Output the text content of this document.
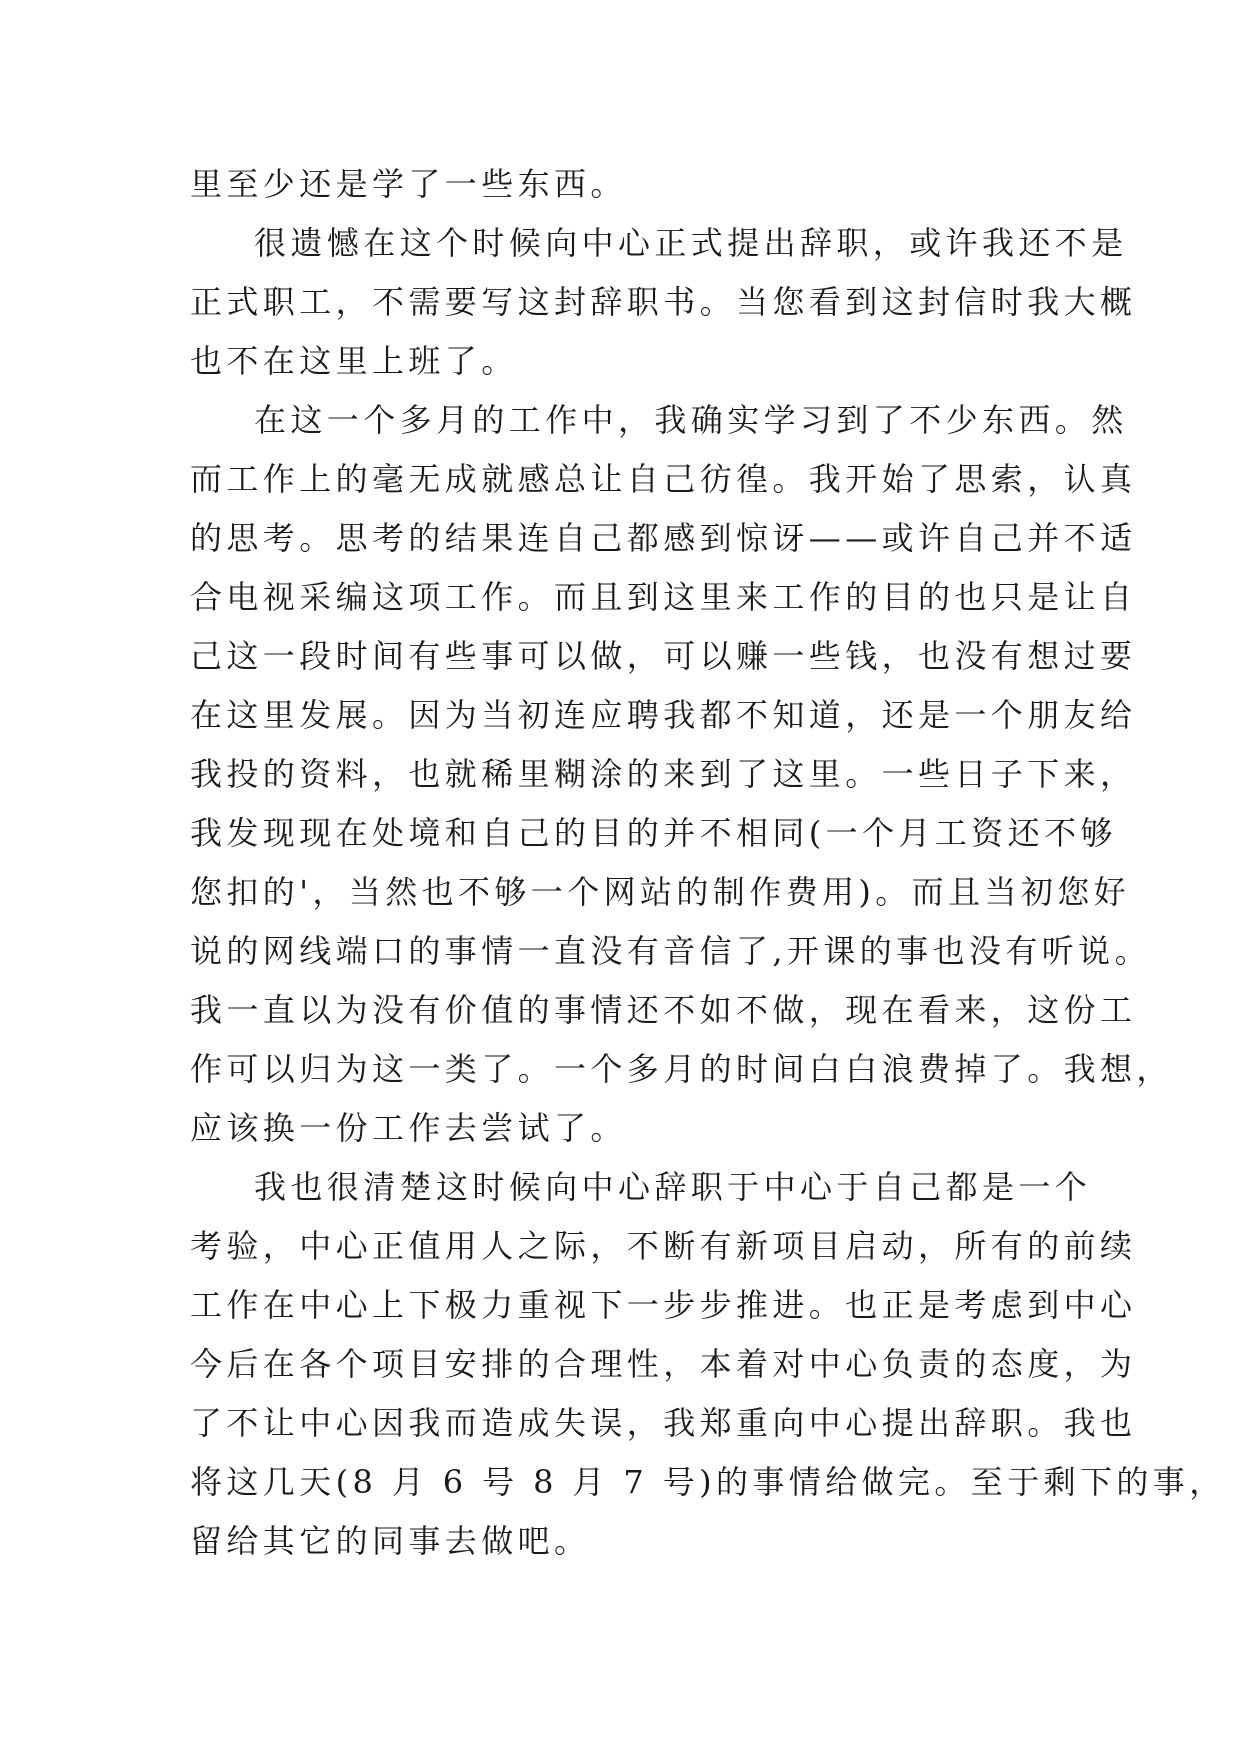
里至少还是学了一些东西。
很遗憾在这个时候向中心正式提出辞职，或许我还不是
正式职工，不需要写这封辞职书。当您看到这封信时我大概
也不在这里上班了。
在这一个多月的工作中，我确实学习到了不少东西。然
而工作上的毫无成就感总让自己彷徨。我开始了思索，认真
的思考。思考的结果连自己都感到惊讶——或许自己并不适
合电视采编这项工作。而且到这里来工作的目的也只是让自
己这一段时间有些事可以做，可以赚一些钱，也没有想过要
在这里发展。因为当初连应聘我都不知道，还是一个朋友给
我投的资料，也就稀里糊涂的来到了这里。一些日子下来，
我发现现在处境和自己的目的并不相同(一个月工资还不够
您扣的'，当然也不够一个网站的制作费用)。而且当初您好
说的网线端口的事情一直没有音信了,开课的事也没有听说。
我一直以为没有价值的事情还不如不做，现在看来，这份工
作可以归为这一类了。一个多月的时间白白浪费掉了。我想，
应该换一份工作去尝试了。
我也很清楚这时候向中心辞职于中心于自己都是一个
考验，中心正值用人之际，不断有新项目启动，所有的前续
工作在中心上下极力重视下一步步推进。也正是考虑到中心
今后在各个项目安排的合理性，本着对中心负责的态度，为
了不让中心因我而造成失误，我郑重向中心提出辞职。我也
将这几天(8 月 6 号 8 月 7 号)的事情给做完。至于剩下的事，
留给其它的同事去做吧。
